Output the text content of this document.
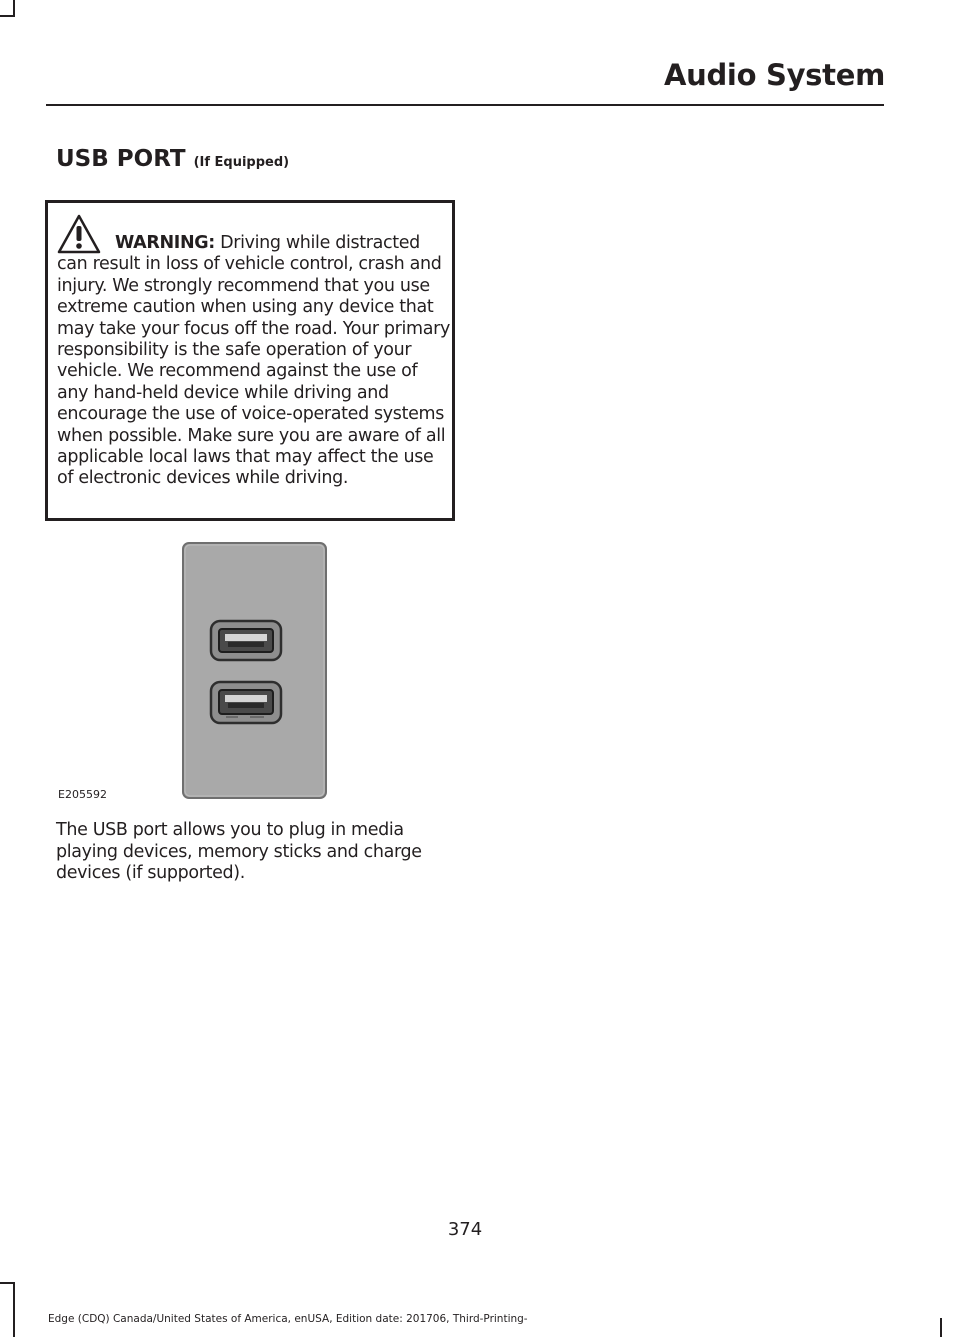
Audio System
USB PORT (If Equipped)
WARNING: Driving while distracted can result in loss of vehicle control, crash and injury. We strongly recommend that you use extreme caution when using any device that may take your focus off the road. Your primary responsibility is the safe operation of your vehicle. We recommend against the use of any hand-held device while driving and encourage the use of voice-operated systems when possible. Make sure you are aware of all applicable local laws that may affect the use of electronic devices while driving.
E205592
The USB port allows you to plug in media playing devices, memory sticks and charge devices (if supported).
374
Edge (CDQ) Canada/United States of America, enUSA, Edition date: 201706, Third-Printing-
